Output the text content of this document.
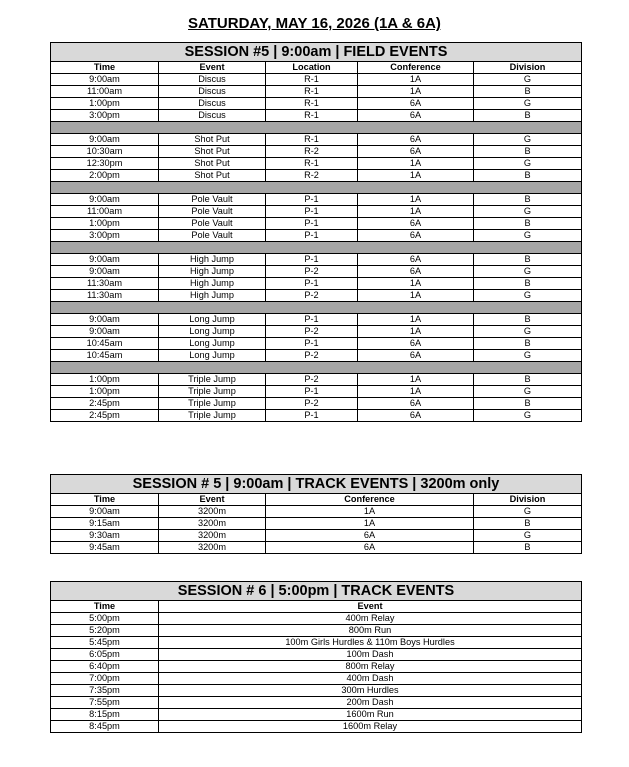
SATURDAY, MAY 16, 2026 (1A & 6A)
SESSION #5 | 9:00am | FIELD EVENTS				
Time	Event	Location	Conference	Division
9:00am	Discus	R-1	1A	G
11:00am	Discus	R-1	1A	B
1:00pm	Discus	R-1	6A	G
3:00pm	Discus	R-1	6A	B

9:00am	Shot Put	R-1	6A	G
10:30am	Shot Put	R-2	6A	B
12:30pm	Shot Put	R-1	1A	G
2:00pm	Shot Put	R-2	1A	B

9:00am	Pole Vault	P-1	1A	B
11:00am	Pole Vault	P-1	1A	G
1:00pm	Pole Vault	P-1	6A	B
3:00pm	Pole Vault	P-1	6A	G

9:00am	High Jump	P-1	6A	B
9:00am	High Jump	P-2	6A	G
11:30am	High Jump	P-1	1A	B
11:30am	High Jump	P-2	1A	G

9:00am	Long Jump	P-1	1A	B
9:00am	Long Jump	P-2	1A	G
10:45am	Long Jump	P-1	6A	B
10:45am	Long Jump	P-2	6A	G

1:00pm	Triple Jump	P-2	1A	B
1:00pm	Triple Jump	P-1	1A	G
2:45pm	Triple Jump	P-2	6A	B
2:45pm	Triple Jump	P-1	6A	G
SESSION # 5 | 9:00am | TRACK EVENTS | 3200m only			
Time	Event	Conference	Division
9:00am	3200m	1A	G
9:15am	3200m	1A	B
9:30am	3200m	6A	G
9:45am	3200m	6A	B
SESSION # 6 | 5:00pm | TRACK EVENTS	
Time	Event
5:00pm	400m Relay
5:20pm	800m Run
5:45pm	100m Girls Hurdles & 110m Boys Hurdles
6:05pm	100m Dash
6:40pm	800m Relay
7:00pm	400m Dash
7:35pm	300m Hurdles
7:55pm	200m Dash
8:15pm	1600m Run
8:45pm	1600m Relay
